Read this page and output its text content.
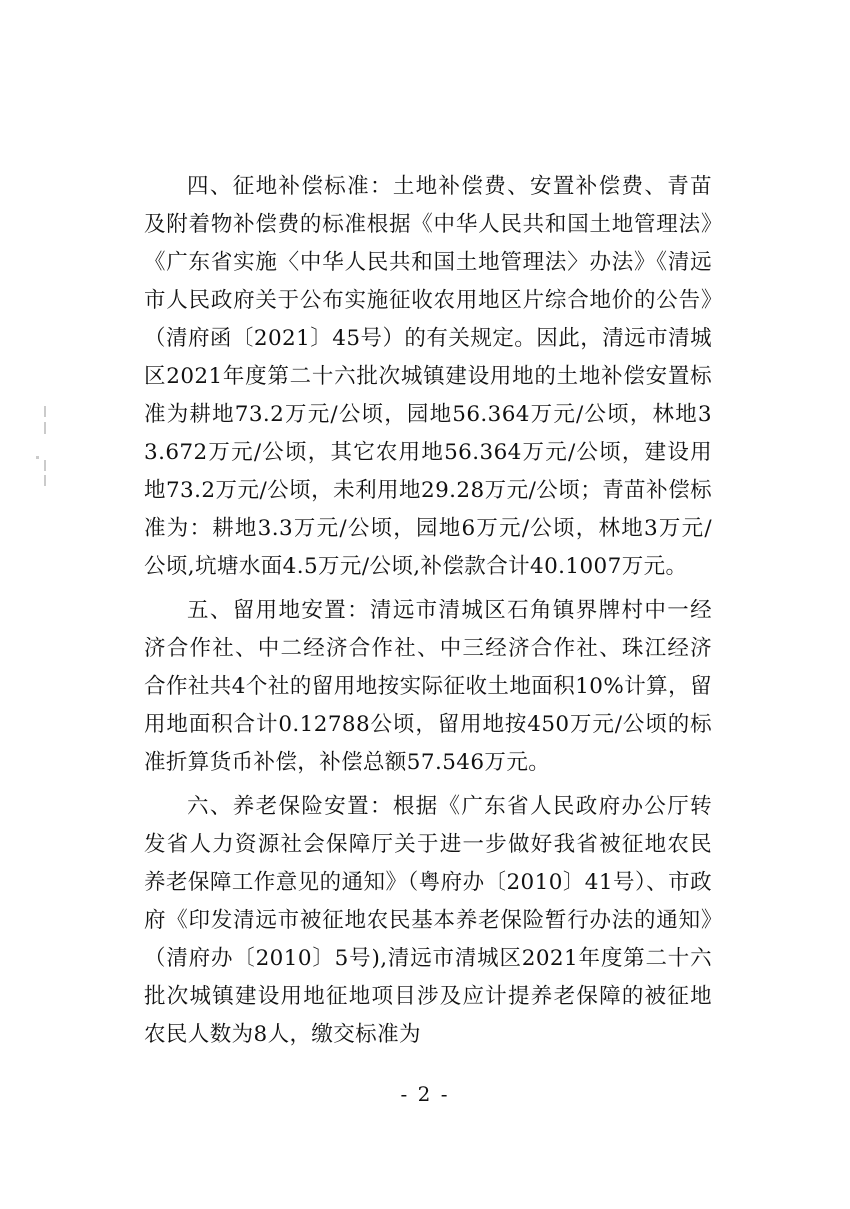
四、征地补偿标准：土地补偿费、安置补偿费、青苗及附着物补偿费的标准根据《中华人民共和国土地管理法》《广东省实施〈中华人民共和国土地管理法〉办法》《清远市人民政府关于公布实施征收农用地区片综合地价的公告》（清府函〔2021〕45号）的有关规定。因此，清远市清城区2021年度第二十六批次城镇建设用地的土地补偿安置标准为耕地73.2万元/公顷，园地56.364万元/公顷，林地33.672万元/公顷，其它农用地56.364万元/公顷，建设用地73.2万元/公顷，未利用地29.28万元/公顷；青苗补偿标准为：耕地3.3万元/公顷，园地6万元/公顷，林地3万元/公顷,坑塘水面4.5万元/公顷,补偿款合计40.1007万元。

五、留用地安置：清远市清城区石角镇界牌村中一经济合作社、中二经济合作社、中三经济合作社、珠江经济合作社共4个社的留用地按实际征收土地面积10%计算，留用地面积合计0.12788公顷，留用地按450万元/公顷的标准折算货币补偿，补偿总额57.546万元。

六、养老保险安置：根据《广东省人民政府办公厅转发省人力资源社会保障厅关于进一步做好我省被征地农民养老保障工作意见的通知》（粤府办〔2010〕41号）、市政府《印发清远市被征地农民基本养老保险暂行办法的通知》（清府办〔2010〕5号),清远市清城区2021年度第二十六批次城镇建设用地征地项目涉及应计提养老保障的被征地农民人数为8人，缴交标准为

- 2 -
